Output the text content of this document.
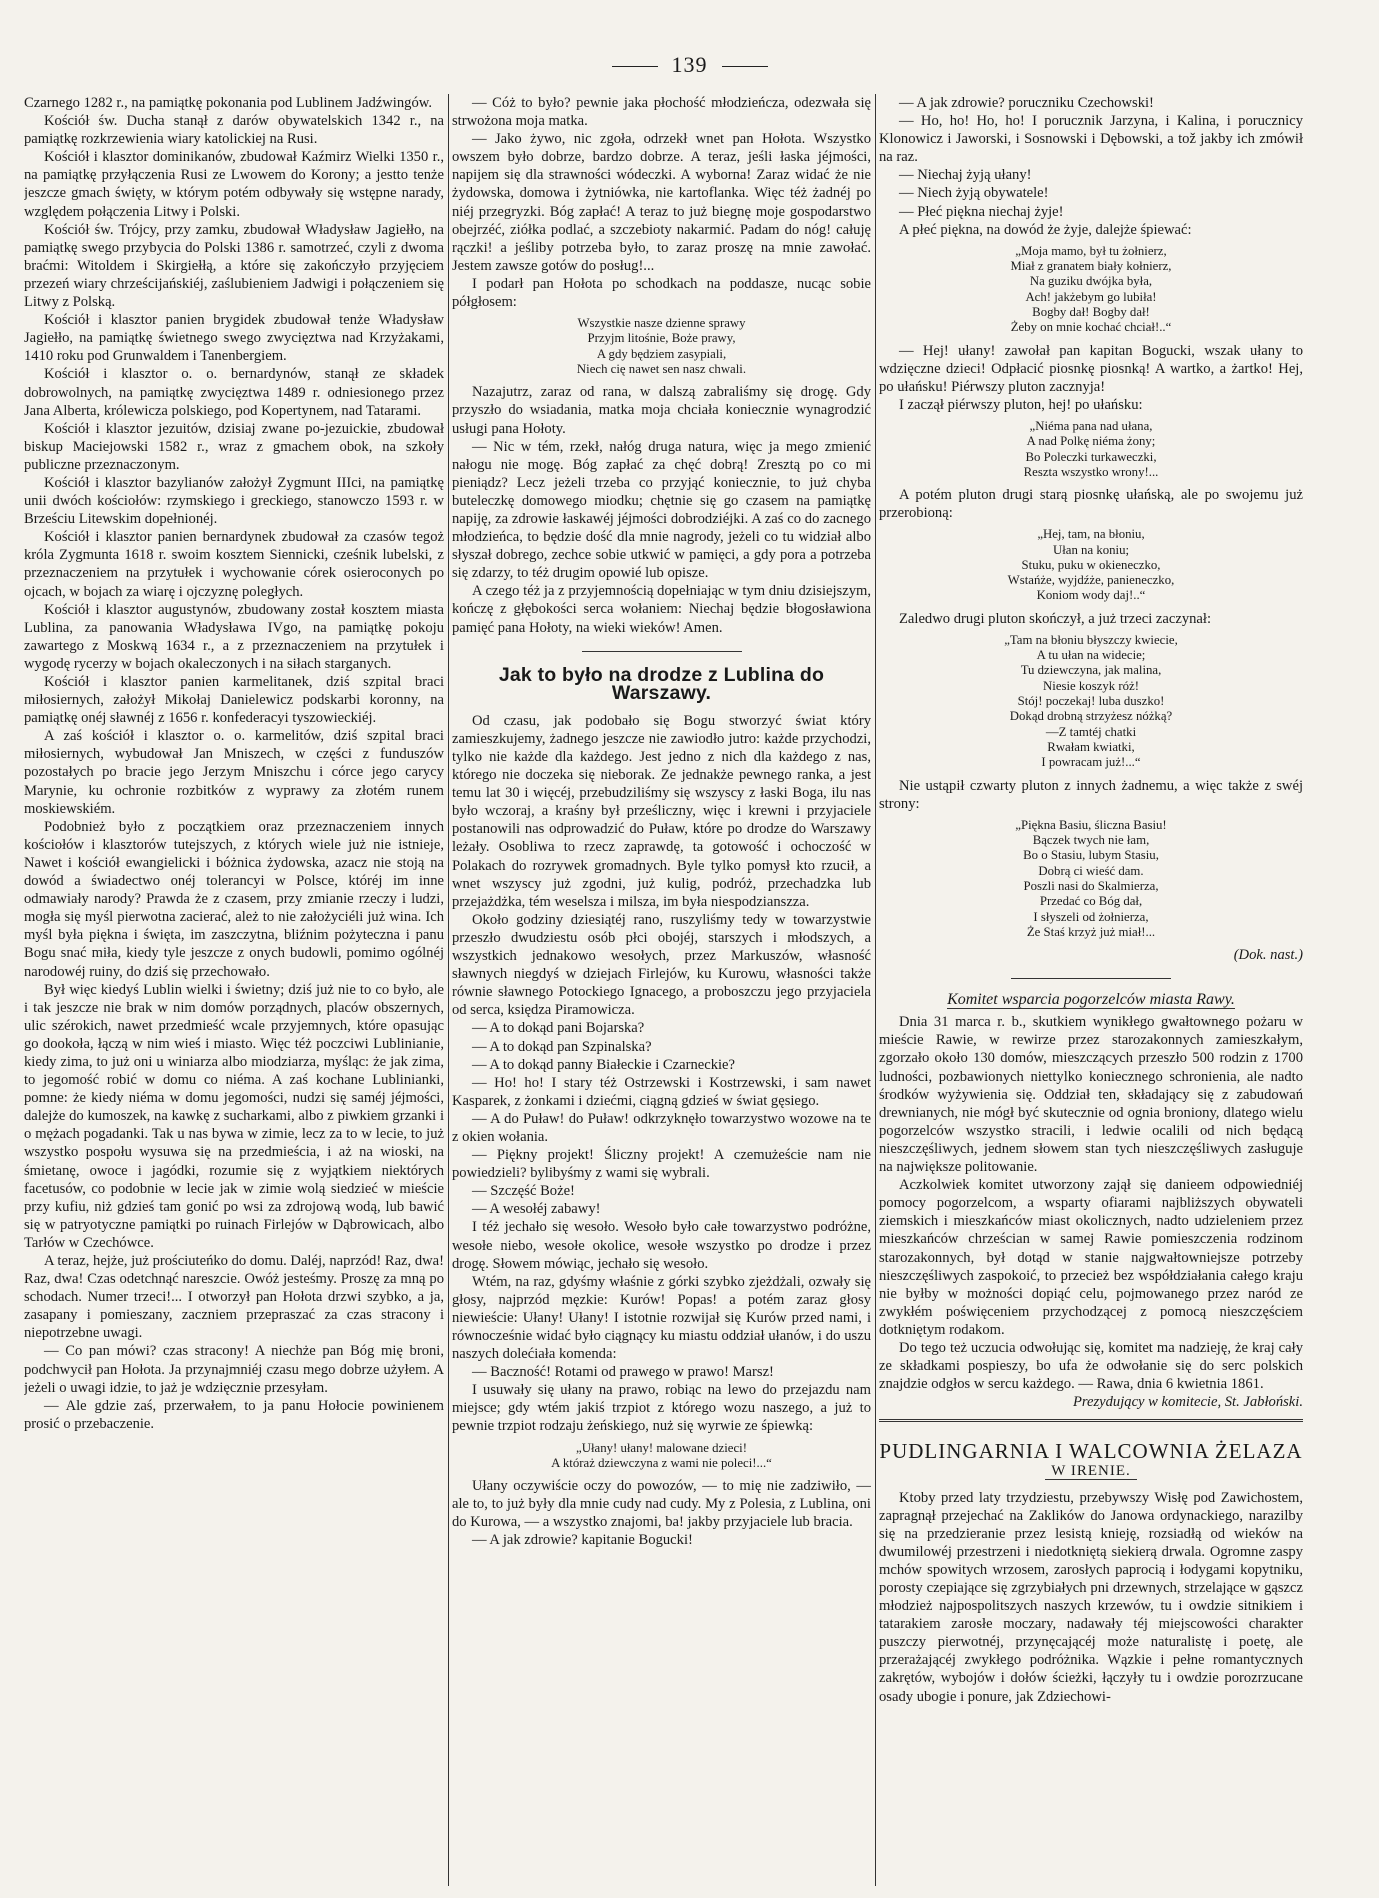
139

Czarnego 1282 r., na pamiątkę pokonania pod Lublinem Jadźwingów.

Kościół św. Ducha stanął z darów obywatelskich 1342 r., na pamiątkę rozkrzewienia wiary katolickiej na Rusi.

Kościół i klasztor dominikanów, zbudował Kaźmirz Wielki 1350 r., na pamiątkę przyłączenia Rusi ze Lwowem do Korony; a jestto tenże jeszcze gmach święty, w którym potém odbywały się wstępne narady, względem połączenia Litwy i Polski.

Kościół św. Trójcy, przy zamku, zbudował Władysław Jagiełło, na pamiątkę swego przybycia do Polski 1386 r. samotrzeć, czyli z dwoma braćmi: Witoldem i Skirgiełłą, a które się zakończyło przyjęciem przezeń wiary chrześcijańskiéj, zaślubieniem Jadwigi i połączeniem się Litwy z Polską.

Kościół i klasztor panien brygidek zbudował tenże Władysław Jagiełło, na pamiątkę świetnego swego zwycięztwa nad Krzyżakami, 1410 roku pod Grunwaldem i Tanenbergiem.

Kościół i klasztor o. o. bernardynów, stanął ze składek dobrowolnych, na pamiątkę zwycięztwa 1489 r. odniesionego przez Jana Alberta, królewicza polskiego, pod Kopertynem, nad Tatarami.

Kościół i klasztor jezuitów, dzisiaj zwane po-jezuickie, zbudował biskup Maciejowski 1582 r., wraz z gmachem obok, na szkoły publiczne przeznaczonym.

Kościół i klasztor bazylianów założył Zygmunt IIIci, na pamiątkę unii dwóch kościołów: rzymskiego i greckiego, stanowczo 1593 r. w Brześciu Litewskim dopełnionéj.

Kościół i klasztor panien bernardynek zbudował za czasów tegoż króla Zygmunta 1618 r. swoim kosztem Siennicki, cześnik lubelski, z przeznaczeniem na przytułek i wychowanie córek osieroconych po ojcach, w bojach za wiarę i ojczyznę poległych.

Kościół i klasztor augustynów, zbudowany został kosztem miasta Lublina, za panowania Władysława IVgo, na pamiątkę pokoju zawartego z Moskwą 1634 r., a z przeznaczeniem na przytułek i wygodę rycerzy w bojach okaleczonych i na siłach starganych.

Kościół i klasztor panien karmelitanek, dziś szpital braci miłosiernych, założył Mikołaj Danielewicz podskarbi koronny, na pamiątkę onéj sławnéj z 1656 r. konfederacyi tyszowieckiéj.

A zaś kościół i klasztor o. o. karmelitów, dziś szpital braci miłosiernych, wybudował Jan Mniszech, w części z funduszów pozostałych po bracie jego Jerzym Mniszchu i córce jego carycy Marynie, ku ochronie rozbitków z wyprawy za złotém runem moskiewskiém.

Podobnież było z początkiem oraz przeznaczeniem innych kościołów i klasztorów tutejszych, z których wiele już nie istnieje, Nawet i kościół ewangielicki i bóżnica żydowska, azacz nie stoją na dowód a świadectwo onéj tolerancyi w Polsce, któréj im inne odmawiały narody? Prawda że z czasem, przy zmianie rzeczy i ludzi, mogła się myśl pierwotna zacierać, ależ to nie założyciéli już wina. Ich myśl była piękna i święta, im zaszczytna, bliźnim pożyteczna i panu Bogu snać miła, kiedy tyle jeszcze z onych budowli, pomimo ogólnéj narodowéj ruiny, do dziś się przechowało.

Był więc kiedyś Lublin wielki i świetny; dziś już nie to co było, ale i tak jeszcze nie brak w nim domów porządnych, placów obszernych, ulic szérokich, nawet przedmieść wcale przyjemnych, które opasując go dookoła, łączą w nim wieś i miasto. Więc téż poczciwi Lublinianie, kiedy zima, to już oni u winiarza albo miodziarza, myśląc: że jak zima, to jegomość robić w domu co niéma. A zaś kochane Lublinianki, pomne: że kiedy niéma w domu jegomości, nudzi się saméj jéjmości, dalejże do kumoszek, na kawkę z sucharkami, albo z piwkiem grzanki i o mężach pogadanki. Tak u nas bywa w zimie, lecz za to w lecie, to już wszystko pospołu wysuwa się na przedmieścia, i aż na wioski, na śmietanę, owoce i jagódki, rozumie się z wyjątkiem niektórych facetusów, co podobnie w lecie jak w zimie wolą siedzieć w mieście przy kufiu, niż gdzieś tam gonić po wsi za zdrojową wodą, lub bawić się w patryotyczne pamiątki po ruinach Firlejów w Dąbrowicach, albo Tarłów w Czechówce.

A teraz, hejże, już prościuteńko do domu. Daléj, naprzód! Raz, dwa! Raz, dwa! Czas odetchnąć nareszcie. Owóż jesteśmy. Proszę za mną po schodach. Numer trzeci!... I otworzył pan Hołota drzwi szybko, a ja, zasapany i pomieszany, zaczniem przepraszać za czas stracony i niepotrzebne uwagi.

— Co pan mówi? czas stracony! A niechże pan Bóg mię broni, podchwycił pan Hołota. Ja przynajmniéj czasu mego dobrze użyłem. A jeżeli o uwagi idzie, to jaż je wdzięcznie przesyłam.

— Ale gdzie zaś, przerwałem, to ja panu Hołocie powinienem prosić o przebaczenie.

— Cóż to było? pewnie jaka płochość młodzieńcza, odezwała się strwożona moja matka.

— Jako żywo, nic zgoła, odrzekł wnet pan Hołota. Wszystko owszem było dobrze, bardzo dobrze. A teraz, jeśli łaska jéjmości, napijem się dla strawności wódeczki. A wyborna! Zaraz widać że nie żydowska, domowa i żytniówka, nie kartoflanka. Więc téż żadnéj po niéj przegryzki. Bóg zapłać! A teraz to już biegnę moje gospodarstwo obejrzéć, ziółka podlać, a szczebioty nakarmić. Padam do nóg! całuję rączki! a jeśliby potrzeba było, to zaraz proszę na mnie zawołać. Jestem zawsze gotów do posług!...

I podarł pan Hołota po schodkach na poddasze, nucąc sobie półgłosem:

Wszystkie nasze dzienne sprawy
Przyjm litośnie, Boże prawy,
A gdy będziem zasypiali,
Niech cię nawet sen nasz chwali.

Nazajutrz, zaraz od rana, w dalszą zabraliśmy się drogę. Gdy przyszło do wsiadania, matka moja chciała koniecznie wynagrodzić usługi pana Hołoty.

— Nic w tém, rzekł, nałóg druga natura, więc ja mego zmienić nałogu nie mogę. Bóg zapłać za chęć dobrą! Zresztą po co mi pieniądz? Lecz jeżeli trzeba co przyjąć koniecznie, to już chyba buteleczkę domowego miodku; chętnie się go czasem na pamiątkę napiję, za zdrowie łaskawéj jéjmości dobrodziéjki. A zaś co do zacnego młodzieńca, to będzie dość dla mnie nagrody, jeżeli co tu widział albo słyszał dobrego, zechce sobie utkwić w pamięci, a gdy pora a potrzeba się zdarzy, to téż drugim opowié lub opisze.

A czego téż ja z przyjemnością dopełniając w tym dniu dzisiejszym, kończę z głębokości serca wołaniem: Niechaj będzie błogosławiona pamięć pana Hołoty, na wieki wieków! Amen.

Jak to było na drodze z Lublina do Warszawy.

Od czasu, jak podobało się Bogu stworzyć świat który zamieszkujemy, żadnego jeszcze nie zawiodło jutro: każde przychodzi, tylko nie każde dla każdego. Jest jedno z nich dla każdego z nas, którego nie doczeka się nieborak. Ze jednakże pewnego ranka, a jest temu lat 30 i więcéj, przebudziliśmy się wszyscy z łaski Boga, ilu nas było wczoraj, a kraśny był prześliczny, więc i krewni i przyjaciele postanowili nas odprowadzić do Puław, które po drodze do Warszawy leżały. Osobliwa to rzecz zaprawdę, ta gotowość i ochoczość w Polakach do rozrywek gromadnych. Byle tylko pomysł kto rzucił, a wnet wszyscy już zgodni, już kulig, podróż, przechadzka lub przejażdżka, tém weselsza i milsza, im była niespodzianszza.

Około godziny dziesiątéj rano, ruszyliśmy tedy w towarzystwie przeszło dwudziestu osób płci obojéj, starszych i młodszych, a wszystkich jednakowo wesołych, przez Markuszów, własność sławnych niegdyś w dziejach Firlejów, ku Kurowu, własności także równie sławnego Potockiego Ignacego, a proboszczu jego przyjaciela od serca, księdza Piramowicza.

— A to dokąd pani Bojarska?

— A to dokąd pan Szpinalska?

— A to dokąd panny Białeckie i Czarneckie?

— Ho! ho! I stary téż Ostrzewski i Kostrzewski, i sam nawet Kasparek, z żonkami i dziećmi, ciągną gdzieś w świat gęsiego.

— A do Puław! do Puław! odkrzyknęło towarzystwo wozowe na te z okien wołania.

— Piękny projekt! Śliczny projekt! A czemużeście nam nie powiedzieli? bylibyśmy z wami się wybrali.

— Szczęść Boże!

— A wesołéj zabawy!

I téż jechało się wesoło. Wesoło było całe towarzystwo podróżne, wesołe niebo, wesołe okolice, wesołe wszystko po drodze i przez drogę. Słowem mówiąc, jechało się wesoło.

Wtém, na raz, gdyśmy właśnie z górki szybko zjeżdżali, ozwały się głosy, najprzód męzkie: Kurów! Popas! a potém zaraz głosy niewieście: Ułany! Ułany! I istotnie rozwijał się Kurów przed nami, i równocześnie widać było ciągnący ku miastu oddział ułanów, i do uszu naszych dolećiała komenda:

— Baczność! Rotami od prawego w prawo! Marsz!

I usuwały się ułany na prawo, robiąc na lewo do przejazdu nam miejsce; gdy wtém jakiś trzpiot z którego wozu naszego, a już to pewnie trzpiot rodzaju żeńskiego, nuż się wyrwie ze śpiewką:

„Ułany! ułany! malowane dzieci!
A któraż dziewczyna z wami nie poleci!...“

Ułany oczywiście oczy do powozów, — to mię nie zadziwiło, — ale to, to już były dla mnie cudy nad cudy. My z Polesia, z Lublina, oni do Kurowa, — a wszystko znajomi, ba! jakby przyjaciele lub bracia.

— A jak zdrowie? kapitanie Bogucki!

— A jak zdrowie? poruczniku Czechowski!

— Ho, ho! Ho, ho! I porucznik Jarzyna, i Kalina, i porucznicy Klonowicz i Jaworski, i Sosnowski i Dębowski, a tož jakby ich zmówił na raz.

— Niechaj żyją ułany!

— Niech żyją obywatele!

— Płeć piękna niechaj żyje!

A płeć piękna, na dowód że żyje, dalejże śpiewać:

„Moja mamo, był tu żołnierz,
Miał z granatem biały kołnierz,
Na guziku dwójka była,
Ach! jakżebym go lubiła!
Bogby dał! Bogby dał!
Żeby on mnie kochać chciał!..“

— Hej! ułany! zawołał pan kapitan Bogucki, wszak ułany to wdzięczne dzieci! Odpłacić piosnkę piosnką! A wartko, a żartko! Hej, po ułańsku! Piérwszy pluton zacznyja!

I zaczął piérwszy pluton, hej! po ułańsku:

„Niéma pana nad ułana,
A nad Polkę niéma żony;
Bo Poleczki turkaweczki,
Reszta wszystko wrony!...

A potém pluton drugi starą piosnkę ułańską, ale po swojemu już przerobioną:

„Hej, tam, na błoniu,
Ułan na koniu;
Stuku, puku w okieneczko,
Wstańże, wyjdźże, panieneczko,
Koniom wody daj!..“

Zaledwo drugi pluton skończył, a już trzeci zaczynał:

„Tam na błoniu błyszczy kwiecie,
A tu ułan na widecie;
Tu dziewczyna, jak malina,
Niesie koszyk róż!
Stój! poczekaj! luba duszko!
Dokąd drobną strzyżesz nóżką?
—Z tamtéj chatki
Rwałam kwiatki,
I powracam już!...“

Nie ustąpił czwarty pluton z innych żadnemu, a więc także z swéj strony:

„Piękna Basiu, śliczna Basiu!
Bączek twych nie łam,
Bo o Stasiu, lubym Stasiu,
Dobrą ci wieść dam.
Poszli nasi do Skalmierza,
Przedać co Bóg dał,
I słyszeli od żołnierza,
Że Staś krzyż już miał!...
(Dok. nast.)
Komitet wsparcia pogorzelców miasta Rawy.

Dnia 31 marca r. b., skutkiem wynikłego gwałtownego pożaru w mieście Rawie, w rewirze przez starozakonnych zamieszkałym, zgorzało około 130 domów, mieszczących przeszło 500 rodzin z 1700 ludności, pozbawionych niettylko koniecznego schronienia, ale nadto środków wyżywienia się. Oddział ten, składający się z zabudowań drewnianych, nie mógł być skutecznie od ognia broniony, dlatego wielu pogorzelców wszystko stracili, i ledwie ocalili od nich będącą nieszczęśliwych, jednem słowem stan tych nieszczęśliwych zasługuje na największe politowanie.

Aczkolwiek komitet utworzony zajął się danieem odpowiedniéj pomocy pogorzelcom, a wsparty ofiarami najbliższych obywateli ziemskich i mieszkańców miast okolicznych, nadto udzieleniem przez mieszkańców chrześcian w samej Rawie pomieszczenia rodzinom starozakonnych, był dotąd w stanie najgwałtowniejsze potrzeby nieszczęśliwych zaspokoić, to przecież bez współdziałania całego kraju nie byłby w możności dopiąć celu, pojmowanego przez naród ze zwykłém poświęceniem przychodzącej z pomocą nieszczęściem dotkniętym rodakom.

Do tego też uczucia odwołując się, komitet ma nadzieję, że kraj cały ze składkami pospieszy, bo ufa że odwołanie się do serc polskich znajdzie odgłos w sercu każdego. — Rawa, dnia 6 kwietnia 1861.

Prezydujący w komitecie, St. Jabłoński.
PUDLINGARNIA I WALCOWNIA ŻELAZA
W IRENIE.

Ktoby przed laty trzydziestu, przebywszy Wisłę pod Zawichostem, zapragnął przejechać na Zaklików do Janowa ordynackiego, narazilby się na przedzieranie przez lesistą knieję, rozsiadłą od wieków na dwumilowéj przestrzeni i niedotkniętą siekierą drwala. Ogromne zaspy mchów spowitych wrzosem, zarosłych paprocią i łodygami kopytniku, porosty czepiające się zgrzybiałych pni drzewnych, strzelające w gąszcz młodzież najpospolitszych naszych krzewów, tu i owdzie sitnikiem i tatarakiem zarosłe moczary, nadawały téj miejscowości charakter puszczy pierwotnéj, przynęcającéj może naturalistę i poetę, ale przerażającéj zwykłego podróżnika. Wązkie i pełne romantycznych zakrętów, wybojów i dołów ścieżki, łączyły tu i owdzie porozrzucane osady ubogie i ponure, jak Zdziechowi-
